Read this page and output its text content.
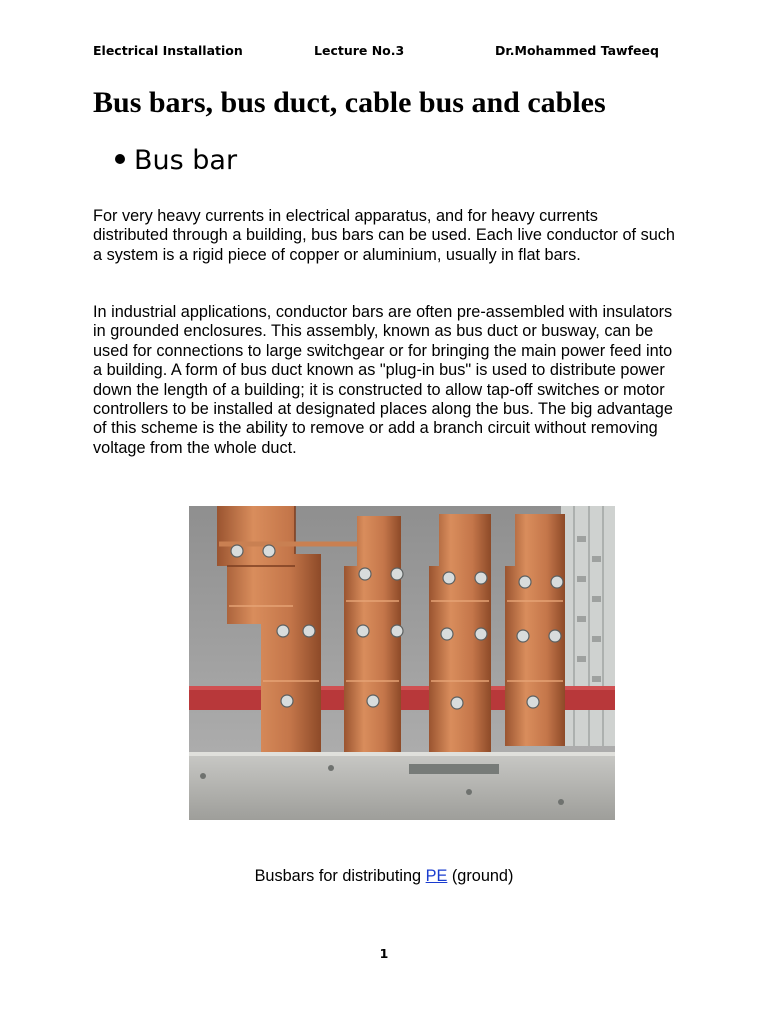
Electrical Installation	Lecture No.3	Dr.Mohammed Tawfeeq
Bus bars, bus duct, cable bus and cables
Bus bar

For very heavy currents in electrical apparatus, and for heavy currents distributed through a building, bus bars can be used. Each live conductor of such a system is a rigid piece of copper or aluminium, usually in flat bars.

In industrial applications, conductor bars are often pre-assembled with insulators in grounded enclosures. This assembly, known as bus duct or busway, can be used for connections to large switchgear or for bringing the main power feed into a building. A form of bus duct known as "plug-in bus" is used to distribute power down the length of a building; it is constructed to allow tap-off switches or motor controllers to be installed at designated places along the bus. The big advantage of this scheme is the ability to remove or add a branch circuit without removing voltage from the whole duct.

Busbars for distributing PE (ground)
1
